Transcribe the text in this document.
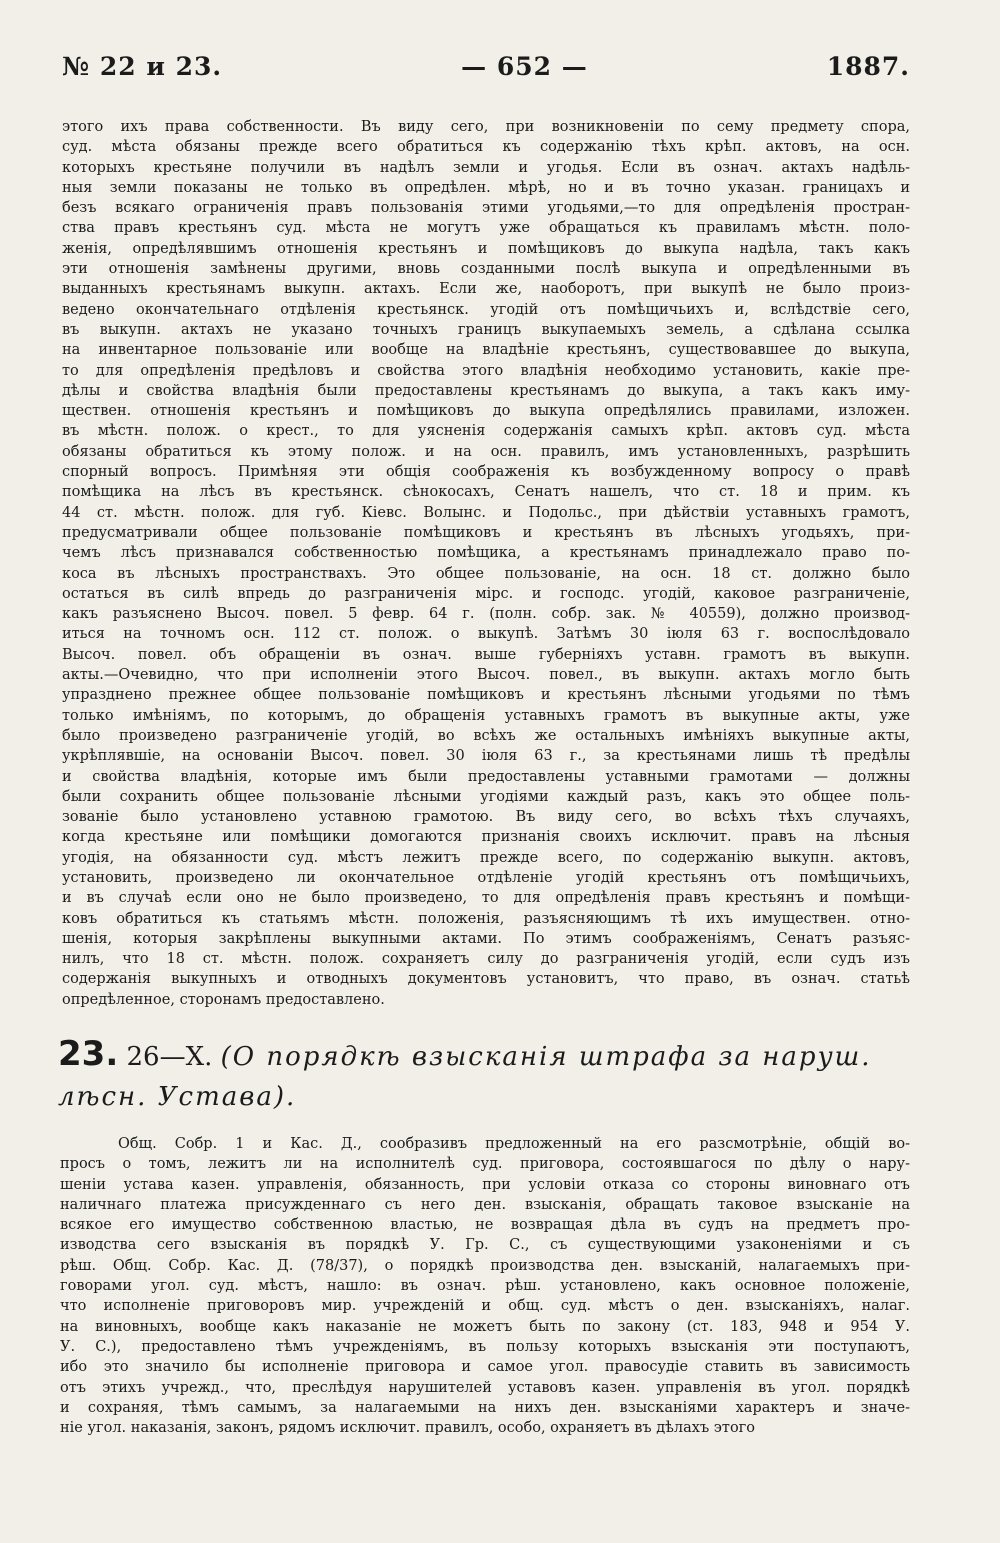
№ 22 и 23.	— 652 —	1887.
этого ихъ права собственности. Въ виду сего, при возникновеніи по сему предмету спора,
суд. мѣста обязаны прежде всего обратиться къ содержанію тѣхъ крѣп. актовъ, на осн.
которыхъ крестьяне получили въ надѣлъ земли и угодья. Если въ означ. актахъ надѣль-
ныя земли показаны не только въ опредѣлен. мѣрѣ, но и въ точно указан. границахъ и
безъ всякаго ограниченія правъ пользованія этими угодьями,—то для опредѣленія простран-
ства правъ крестьянъ суд. мѣста не могутъ уже обращаться къ правиламъ мѣстн. поло-
женія, опредѣлявшимъ отношенія крестьянъ и помѣщиковъ до выкупа надѣла, такъ какъ
эти отношенія замѣнены другими, вновь созданными послѣ выкупа и опредѣленными въ
выданныхъ крестьянамъ выкупн. актахъ. Если же, наоборотъ, при выкупѣ не было произ-
ведено окончательнаго отдѣленія крестьянск. угодій отъ помѣщичьихъ и, вслѣдствіе сего,
въ выкупн. актахъ не указано точныхъ границъ выкупаемыхъ земель, а сдѣлана ссылка
на инвентарное пользованіе или вообще на владѣніе крестьянъ, существовавшее до выкупа,
то для опредѣленія предѣловъ и свойства этого владѣнія необходимо установить, какіе пре-
дѣлы и свойства владѣнія были предоставлены крестьянамъ до выкупа, а такъ какъ иму-
ществен. отношенія крестьянъ и помѣщиковъ до выкупа опредѣлялись правилами, изложен.
въ мѣстн. полож. о крест., то для уясненія содержанія самыхъ крѣп. актовъ суд. мѣста
обязаны обратиться къ этому полож. и на осн. правилъ, имъ установленныхъ, разрѣшить
спорный вопросъ. Примѣняя эти общія соображенія къ возбужденному вопросу о правѣ
помѣщика на лѣсъ въ крестьянск. сѣнокосахъ, Сенатъ нашелъ, что ст. 18 и прим. къ
44 ст. мѣстн. полож. для губ. Кіевс. Волынс. и Подольс., при дѣйствіи уставныхъ грамотъ,
предусматривали общее пользованіе помѣщиковъ и крестьянъ въ лѣсныхъ угодьяхъ, при-
чемъ лѣсъ признавался собственностью помѣщика, а крестьянамъ принадлежало право по-
коса въ лѣсныхъ пространствахъ. Это общее пользованіе, на осн. 18 ст. должно было
остаться въ силѣ впредь до разграниченія мірс. и господс. угодій, каковое разграниченіе,
какъ разъяснено Высоч. повел. 5 февр. 64 г. (полн. собр. зак. № 40559), должно производ-
иться на точномъ осн. 112 ст. полож. о выкупѣ. Затѣмъ 30 іюля 63 г. воспослѣдовало
Высоч. повел. объ обращеніи въ означ. выше губерніяхъ уставн. грамотъ въ выкупн.
акты.—Очевидно, что при исполненіи этого Высоч. повел., въ выкупн. актахъ могло быть
упразднено прежнее общее пользованіе помѣщиковъ и крестьянъ лѣсными угодьями по тѣмъ
только имѣніямъ, по которымъ, до обращенія уставныхъ грамотъ въ выкупные акты, уже
было произведено разграниченіе угодій, во всѣхъ же остальныхъ имѣніяхъ выкупные акты,
укрѣплявшіе, на основаніи Высоч. повел. 30 іюля 63 г., за крестьянами лишь тѣ предѣлы
и свойства владѣнія, которые имъ были предоставлены уставными грамотами — должны
были сохранить общее пользованіе лѣсными угодіями каждый разъ, какъ это общее поль-
зованіе было установлено уставною грамотою. Въ виду сего, во всѣхъ тѣхъ случаяхъ,
когда крестьяне или помѣщики домогаются признанія своихъ исключит. правъ на лѣсныя
угодія, на обязанности суд. мѣстъ лежитъ прежде всего, по содержанію выкупн. актовъ,
установить, произведено ли окончательное отдѣленіе угодій крестьянъ отъ помѣщичьихъ,
и въ случаѣ если оно не было произведено, то для опредѣленія правъ крестьянъ и помѣщи-
ковъ обратиться къ статьямъ мѣстн. положенія, разъясняющимъ тѣ ихъ имуществен. отно-
шенія, которыя закрѣплены выкупными актами. По этимъ соображеніямъ, Сенатъ разъяс-
нилъ, что 18 ст. мѣстн. полож. сохраняетъ силу до разграниченія угодій, если судъ изъ
содержанія выкупныхъ и отводныхъ документовъ установитъ, что право, въ означ. статьѣ
опредѣленное, сторонамъ предоставлено.
23. 26—X. (О порядкѣ взысканія штрафа за наруш. лѣсн. Устава).
Общ. Собр. 1 и Кас. Д., сообразивъ предложенный на его разсмотрѣніе, общій во-
просъ о томъ, лежитъ ли на исполнителѣ суд. приговора, состоявшагося по дѣлу о нару-
шеніи устава казен. управленія, обязанность, при условіи отказа со стороны виновнаго отъ
наличнаго платежа присужденнаго съ него ден. взысканія, обращать таковое взысканіе на
всякое его имущество собственною властью, не возвращая дѣла въ судъ на предметъ про-
изводства сего взысканія въ порядкѣ У. Гр. С., съ существующими узаконеніями и съ
рѣш. Общ. Собр. Кас. Д. (78/37), о порядкѣ производства ден. взысканій, налагаемыхъ при-
говорами угол. суд. мѣстъ, нашло: въ означ. рѣш. установлено, какъ основное положеніе,
что исполненіе приговоровъ мир. учрежденій и общ. суд. мѣстъ о ден. взысканіяхъ, налаг.
на виновныхъ, вообще какъ наказаніе не можетъ быть по закону (ст. 183, 948 и 954 У.
У. С.), предоставлено тѣмъ учрежденіямъ, въ пользу которыхъ взысканія эти поступаютъ,
ибо это значило бы исполненіе приговора и самое угол. правосудіе ставить въ зависимость
отъ этихъ учрежд., что, преслѣдуя нарушителей уставовъ казен. управленія въ угол. порядкѣ
и сохраняя, тѣмъ самымъ, за налагаемыми на нихъ ден. взысканіями характеръ и значе-
ніе угол. наказанія, законъ, рядомъ исключит. правилъ, особо, охраняетъ въ дѣлахъ этого
